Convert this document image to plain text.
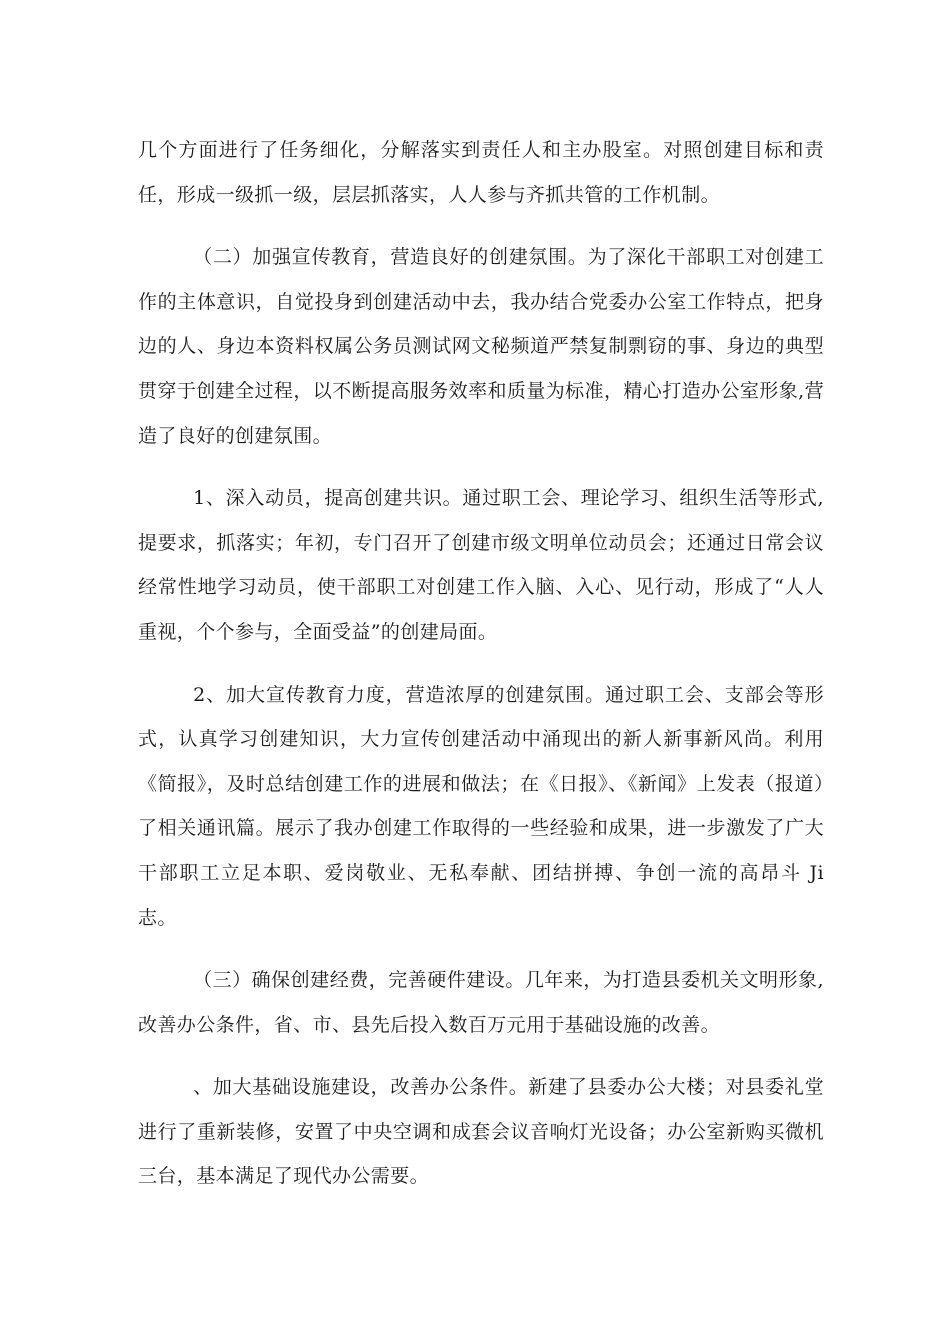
几个方面进行了任务细化，分解落实到责任人和主办股室。对照创建目标和责任，形成一级抓一级，层层抓落实，人人参与齐抓共管的工作机制。

（二）加强宣传教育，营造良好的创建氛围。为了深化干部职工对创建工作的主体意识，自觉投身到创建活动中去，我办结合党委办公室工作特点，把身边的人、身边本资料权属公务员测试网文秘频道严禁复制剽窃的事、身边的典型贯穿于创建全过程，以不断提高服务效率和质量为标准，精心打造办公室形象,营造了良好的创建氛围。

1、深入动员，提高创建共识。通过职工会、理论学习、组织生活等形式,提要求，抓落实；年初，专门召开了创建市级文明单位动员会；还通过日常会议经常性地学习动员，使干部职工对创建工作入脑、入心、见行动，形成了“人人重视，个个参与，全面受益”的创建局面。

2、加大宣传教育力度，营造浓厚的创建氛围。通过职工会、支部会等形式，认真学习创建知识，大力宣传创建活动中涌现出的新人新事新风尚。利用《简报》，及时总结创建工作的进展和做法；在《日报》、《新闻》上发表（报道）了相关通讯篇。展示了我办创建工作取得的一些经验和成果，进一步激发了广大干部职工立足本职、爱岗敬业、无私奉献、团结拼搏、争创一流的高昂斗 Ji 志。

（三）确保创建经费，完善硬件建设。几年来，为打造县委机关文明形象,改善办公条件，省、市、县先后投入数百万元用于基础设施的改善。

、加大基础设施建设，改善办公条件。新建了县委办公大楼；对县委礼堂进行了重新装修，安置了中央空调和成套会议音响灯光设备；办公室新购买微机三台，基本满足了现代办公需要。
